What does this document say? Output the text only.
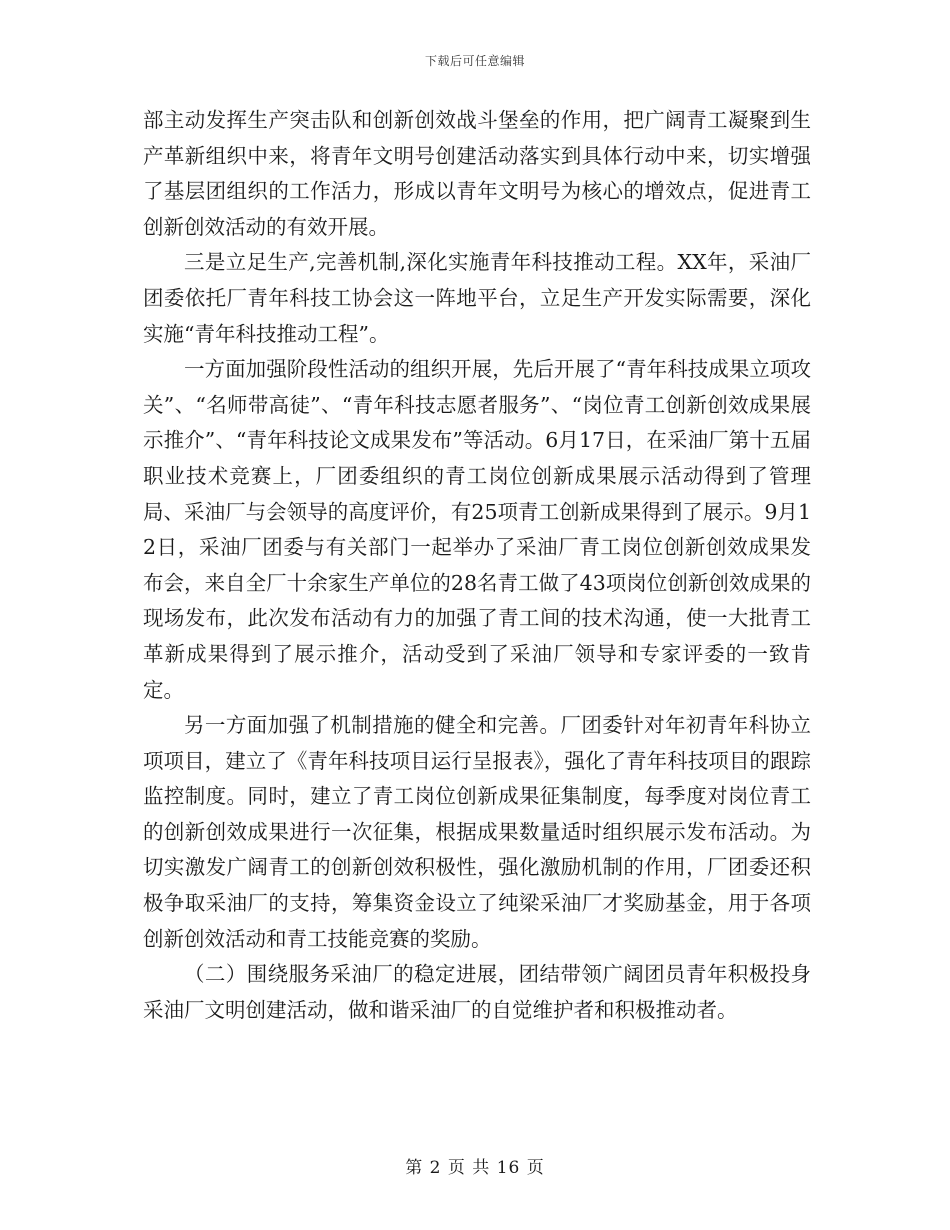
下载后可任意编辑

部主动发挥生产突击队和创新创效战斗堡垒的作用，把广阔青工凝聚到生产革新组织中来，将青年文明号创建活动落实到具体行动中来，切实增强了基层团组织的工作活力，形成以青年文明号为核心的增效点，促进青工创新创效活动的有效开展。

三是立足生产,完善机制,深化实施青年科技推动工程。XX年，采油厂团委依托厂青年科技工协会这一阵地平台，立足生产开发实际需要，深化实施“青年科技推动工程”。

一方面加强阶段性活动的组织开展，先后开展了“青年科技成果立项攻关”、“名师带高徒”、“青年科技志愿者服务”、“岗位青工创新创效成果展示推介”、“青年科技论文成果发布”等活动。6月17日，在采油厂第十五届职业技术竞赛上，厂团委组织的青工岗位创新成果展示活动得到了管理局、采油厂与会领导的高度评价，有25项青工创新成果得到了展示。9月12日，采油厂团委与有关部门一起举办了采油厂青工岗位创新创效成果发布会，来自全厂十余家生产单位的28名青工做了43项岗位创新创效成果的现场发布，此次发布活动有力的加强了青工间的技术沟通，使一大批青工革新成果得到了展示推介，活动受到了采油厂领导和专家评委的一致肯定。

另一方面加强了机制措施的健全和完善。厂团委针对年初青年科协立项项目，建立了《青年科技项目运行呈报表》，强化了青年科技项目的跟踪监控制度。同时，建立了青工岗位创新成果征集制度，每季度对岗位青工的创新创效成果进行一次征集，根据成果数量适时组织展示发布活动。为切实激发广阔青工的创新创效积极性，强化激励机制的作用，厂团委还积极争取采油厂的支持，筹集资金设立了纯梁采油厂才奖励基金，用于各项创新创效活动和青工技能竞赛的奖励。

（二）围绕服务采油厂的稳定进展，团结带领广阔团员青年积极投身采油厂文明创建活动，做和谐采油厂的自觉维护者和积极推动者。

第 2 页 共 16 页
